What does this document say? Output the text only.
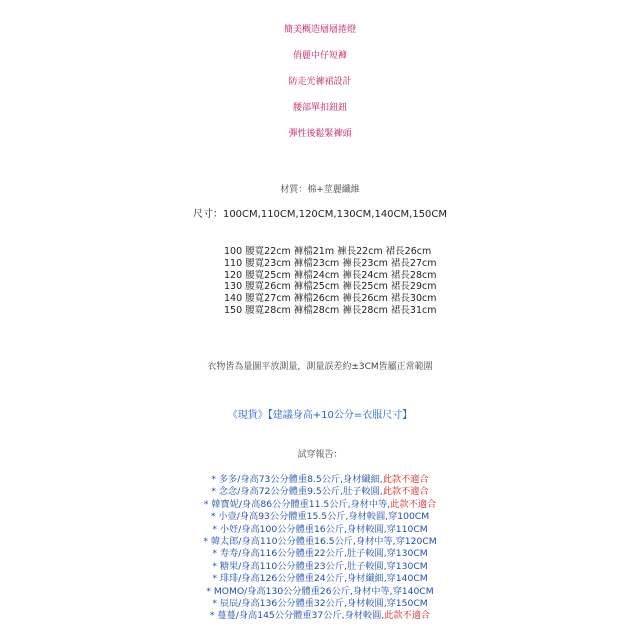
簡美概造層層捲燈
俏麗中仔短褲
防走光褲裙設計
腰部單扣鈕鈕
彈性後鬆緊褲頭
材質：棉+莖麗纖維
尺寸：100CM,110CM,120CM,130CM,140CM,150CM
100 腰寬22cm 褲檔21m 褲長22cm 裙長26cm
110 腰寬23cm 褲檔23cm 褲長23cm 裙長27cm
120 腰寬25cm 褲檔24cm 褲長24cm 裙長28cm
130 腰寬26cm 褲檔25cm 褲長25cm 裙長29cm
140 腰寬27cm 褲檔26cm 褲長26cm 裙長30cm
150 腰寬28cm 褲檔28cm 褲長28cm 裙長31cm
衣物皆為量圖平放測量，測量誤差約±3CM皆屬正常範圍
《現貨》【建議身高+10公分=衣服尺寸】
試穿報告：
* 多多/身高73公分體重8.5公斤,身材纖細,此款不適合
* 念念/身高72公分體重9.5公斤,肚子較圓,此款不適合
* 韓寶妮/身高86公分體重11.5公斤,身材中等,此款不適合
* 小壹/身高93公分體重15.5公斤,身材較圓,穿100CM
* 小妤/身高100公分體重16公斤,身材較圓,穿110CM
* 韓太郎/身高110公分體重16.5公斤,身材中等,穿120CM
* 寿寿/身高116公分體重22公斤,肚子較圓,穿130CM
* 糖果/身高110公分體重23公斤,肚子較圓,穿130CM
* 琲琲/身高126公分體重24公斤,身材纖細,穿140CM
* MOMO/身高130公分體重26公斤,身材中等,穿140CM
* 辰辰/身高136公分體重32公斤,身材較圓,穿150CM
* 蔓蔓/身高145公分體重37公斤,身材較圓,此款不適合
